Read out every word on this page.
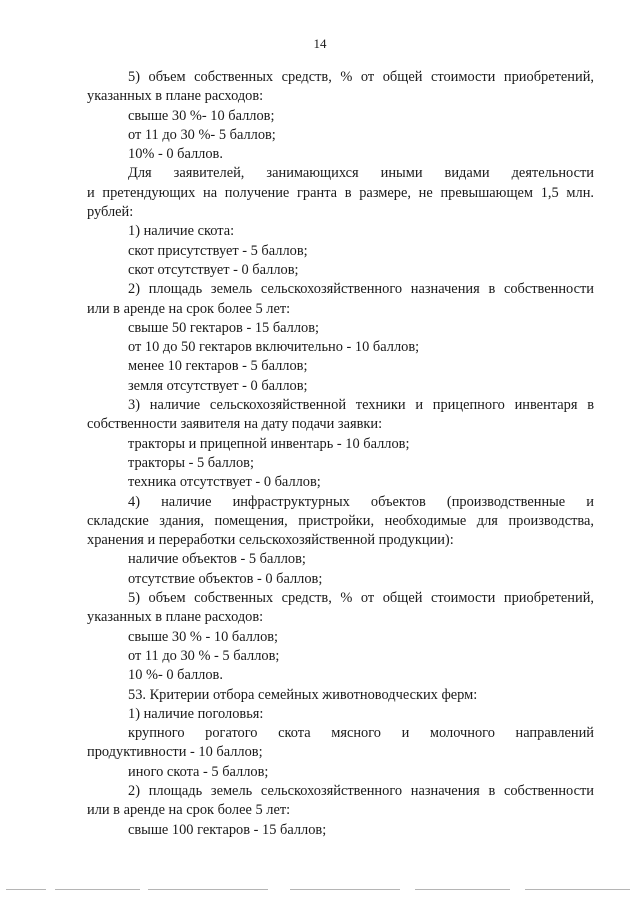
14

5) объем собственных средств, % от общей стоимости приобретений,

указанных в плане расходов:

свыше 30 %- 10 баллов;

от 11 до 30 %- 5 баллов;

10% - 0 баллов.

Для заявителей, занимающихся иными видами деятельности

и претендующих на получение гранта в размере, не превышающем 1,5 млн.

рублей:

1) наличие скота:

скот присутствует - 5 баллов;

скот отсутствует - 0 баллов;

2) площадь земель сельскохозяйственного назначения в собственности

или в аренде на срок более 5 лет:

свыше 50 гектаров - 15 баллов;

от 10 до 50 гектаров включительно - 10 баллов;

менее 10 гектаров - 5 баллов;

земля отсутствует - 0 баллов;

3) наличие сельскохозяйственной техники и прицепного инвентаря в

собственности заявителя на дату подачи заявки:

тракторы и прицепной инвентарь - 10 баллов;

тракторы - 5 баллов;

техника отсутствует - 0 баллов;

4) наличие инфраструктурных объектов (производственные и

складские здания, помещения, пристройки, необходимые для производства,

хранения и переработки сельскохозяйственной продукции):

наличие объектов - 5 баллов;

отсутствие объектов - 0 баллов;

5) объем собственных средств, % от общей стоимости приобретений,

указанных в плане расходов:

свыше 30 % - 10 баллов;

от 11 до 30 % - 5 баллов;

10 %- 0 баллов.

53. Критерии отбора семейных животноводческих ферм:

1) наличие поголовья:

крупного рогатого скота мясного и молочного направлений

продуктивности - 10 баллов;

иного скота - 5 баллов;

2) площадь земель сельскохозяйственного назначения в собственности

или в аренде на срок более 5 лет:

свыше 100 гектаров - 15 баллов;
